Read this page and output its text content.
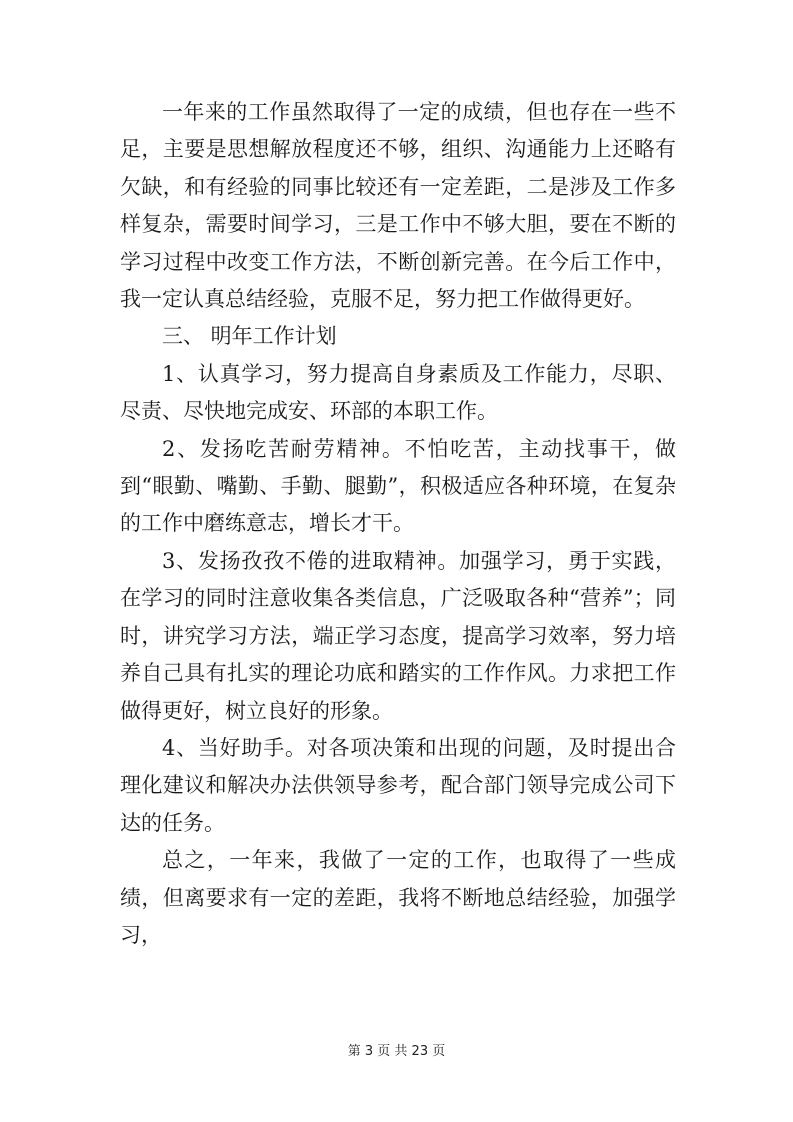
一年来的工作虽然取得了一定的成绩，但也存在一些不足，主要是思想解放程度还不够，组织、沟通能力上还略有欠缺，和有经验的同事比较还有一定差距，二是涉及工作多样复杂，需要时间学习，三是工作中不够大胆，要在不断的学习过程中改变工作方法，不断创新完善。在今后工作中，我一定认真总结经验，克服不足，努力把工作做得更好。

三、 明年工作计划

1、认真学习，努力提高自身素质及工作能力，尽职、尽责、尽快地完成安、环部的本职工作。

2、发扬吃苦耐劳精神。不怕吃苦，主动找事干，做到“眼勤、嘴勤、手勤、腿勤”，积极适应各种环境，在复杂的工作中磨练意志，增长才干。

3、发扬孜孜不倦的进取精神。加强学习，勇于实践，在学习的同时注意收集各类信息，广泛吸取各种“营养”；同时，讲究学习方法，端正学习态度，提高学习效率，努力培养自己具有扎实的理论功底和踏实的工作作风。力求把工作做得更好，树立良好的形象。

4、当好助手。对各项决策和出现的问题，及时提出合理化建议和解决办法供领导参考，配合部门领导完成公司下达的任务。

总之，一年来，我做了一定的工作，也取得了一些成绩，但离要求有一定的差距，我将不断地总结经验，加强学习，

第 3 页 共 23 页
